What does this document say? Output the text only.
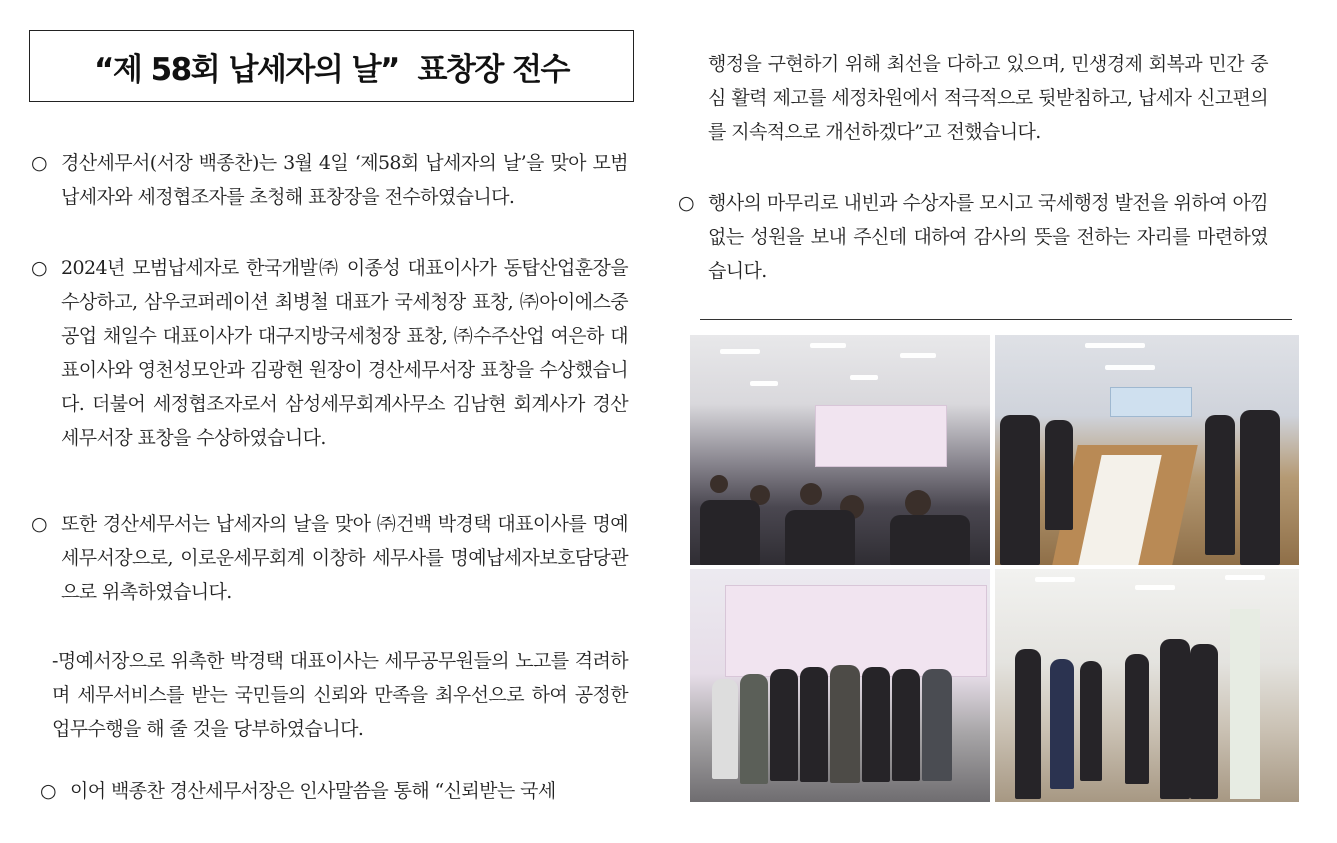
“제 58회 납세자의 날”  표창장 전수
○ 경산세무서(서장 백종찬)는 3월 4일 ‘제58회 납세자의 날’을 맞아 모범납세자와 세정협조자를 초청해 표창장을 전수하였습니다.

○ 2024년 모범납세자로 한국개발㈜ 이종성 대표이사가 동탑산업훈장을 수상하고, 삼우코퍼레이션 최병철 대표가 국세청장 표창, ㈜아이에스중공업 채일수 대표이사가 대구지방국세청장 표창, ㈜수주산업 여은하 대표이사와 영천성모안과 김광현 원장이 경산세무서장 표창을 수상했습니다. 더불어 세정협조자로서 삼성세무회계사무소 김남현 회계사가 경산세무서장 표창을 수상하였습니다.

○ 또한 경산세무서는 납세자의 날을 맞아 ㈜건백 박경택 대표이사를 명예세무서장으로, 이로운세무회계 이창하 세무사를 명예납세자보호담당관으로 위촉하였습니다.

-명예서장으로 위촉한 박경택 대표이사는 세무공무원들의 노고를 격려하며 세무서비스를 받는 국민들의 신뢰와 만족을 최우선으로 하여 공정한 업무수행을 해 줄 것을 당부하였습니다.

○ 이어 백종찬 경산세무서장은 인사말씀을 통해 “신뢰받는 국세

행정을 구현하기 위해 최선을 다하고 있으며, 민생경제 회복과 민간 중심 활력 제고를 세정차원에서 적극적으로 뒷받침하고, 납세자 신고편의를 지속적으로 개선하겠다”고 전했습니다.

○ 행사의 마무리로 내빈과 수상자를 모시고 국세행정 발전을 위하여 아낌없는 성원을 보내 주신데 대하여 감사의 뜻을 전하는 자리를 마련하였습니다.
